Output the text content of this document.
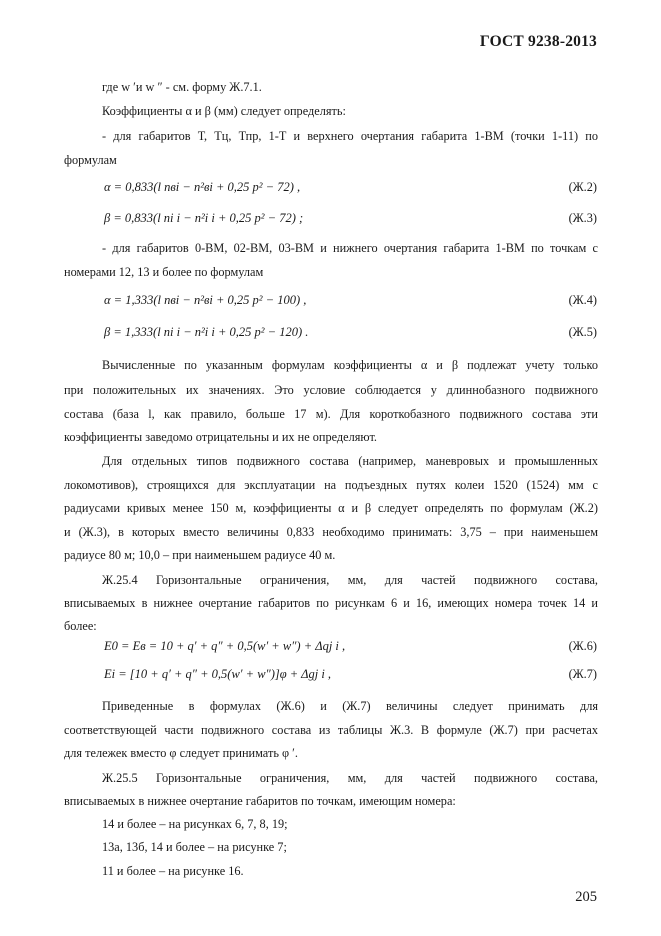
ГОСТ 9238-2013
где w ′и w ″ - см. форму Ж.7.1.
Коэффициенты α и β (мм) следует определять:
- для габаритов Т, Тц, Тпр, 1-Т и верхнего очертания габарита 1-ВМ (точки 1-11) по
формулам
α = 0,833(l nвi − n²вi + 0,25 p² − 72) ,	(Ж.2)
β = 0,833(l ni i − n²i i + 0,25 p² − 72) ;	(Ж.3)
- для габаритов 0-ВМ, 02-ВМ, 03-ВМ и нижнего очертания габарита 1-ВМ по точкам с
номерами 12, 13 и более по формулам
α = 1,333(l nвi − n²вi + 0,25 p² − 100) ,	(Ж.4)
β = 1,333(l ni i − n²i i + 0,25 p² − 120) .	(Ж.5)
Вычисленные по указанным формулам коэффициенты α и β подлежат учету только
при положительных их значениях. Это условие соблюдается у длиннобазного подвижного
состава (база l, как правило, больше 17 м). Для короткобазного подвижного состава эти
коэффициенты заведомо отрицательны и их не определяют.
Для отдельных типов подвижного состава (например, маневровых и промышленных
локомотивов), строящихся для эксплуатации на подъездных путях колеи 1520 (1524) мм с
радиусами кривых менее 150 м, коэффициенты α и β следует определять по формулам (Ж.2)
и (Ж.3), в которых вместо величины 0,833 необходимо принимать: 3,75 – при наименьшем
радиусе 80 м; 10,0 – при наименьшем радиусе 40 м.
Ж.25.4 Горизонтальные ограничения, мм, для частей подвижного состава,
вписываемых в нижнее очертание габаритов по рисункам 6 и 16, имеющих номера точек 14 и
более:
E0 = Eв = 10 + q′ + q″ + 0,5(w′ + w″) + Δqj i ,	(Ж.6)
Ei = [10 + q′ + q″ + 0,5(w′ + w″)]φ + Δgj i ,	(Ж.7)
Приведенные в формулах (Ж.6) и (Ж.7) величины следует принимать для
соответствующей части подвижного состава из таблицы Ж.3. В формуле (Ж.7) при расчетах
для тележек вместо φ следует принимать φ ′.
Ж.25.5 Горизонтальные ограничения, мм, для частей подвижного состава,
вписываемых в нижнее очертание габаритов по точкам, имеющим номера:
14 и более – на рисунках 6, 7, 8, 19;
13а, 13б, 14 и более – на рисунке 7;
11 и более – на рисунке 16.
205
